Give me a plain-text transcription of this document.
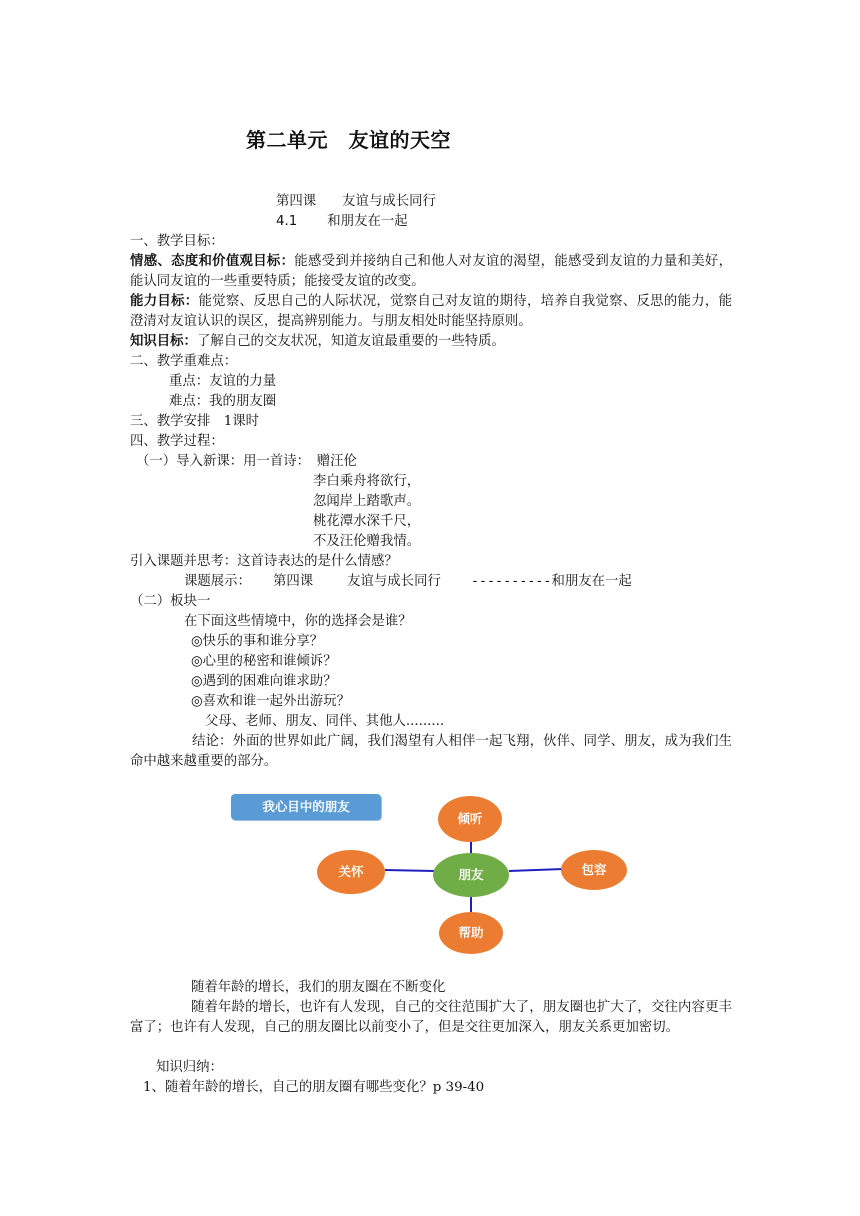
第二单元　友谊的天空
第四课 友谊与成长同行
4.1 和朋友在一起
一、教学目标：
情感、态度和价值观目标：能感受到并接纳自己和他人对友谊的渴望，能感受到友谊的力量和美好，能认同友谊的一些重要特质；能接受友谊的改变。
能力目标：能觉察、反思自己的人际状况，觉察自己对友谊的期待，培养自我觉察、反思的能力，能澄清对友谊认识的误区，提高辨别能力。与朋友相处时能坚持原则。
知识目标：了解自己的交友状况，知道友谊最重要的一些特质。
二、教学重难点：
重点：友谊的力量
难点：我的朋友圈
三、教学安排　1课时
四、教学过程：
（一）导入新课：用一首诗：　赠汪伦
李白乘舟将欲行，
忽闻岸上踏歌声。
桃花潭水深千尺，
不及汪伦赠我情。
引入课题并思考：这首诗表达的是什么情感？
课题展示： 第四课	友谊与成长同行 ----------和朋友在一起
（二）板块一
在下面这些情境中，你的选择会是谁？
◎快乐的事和谁分享？
◎心里的秘密和谁倾诉？
◎遇到的困难向谁求助？
◎喜欢和谁一起外出游玩？
父母、老师、朋友、同伴、其他人.........
结论：外面的世界如此广阔，我们渴望有人相伴一起飞翔，伙伴、同学、朋友，成为我们生命中越来越重要的部分。
我心目中的朋友
倾听
朋友
关怀	包容
帮助
随着年龄的增长，我们的朋友圈在不断变化
随着年龄的增长，也许有人发现，自己的交往范围扩大了，朋友圈也扩大了，交往内容更丰富了；也许有人发现，自己的朋友圈比以前变小了，但是交往更加深入，朋友关系更加密切。
知识归纳：
1、随着年龄的增长，自己的朋友圈有哪些变化？p 39-40
